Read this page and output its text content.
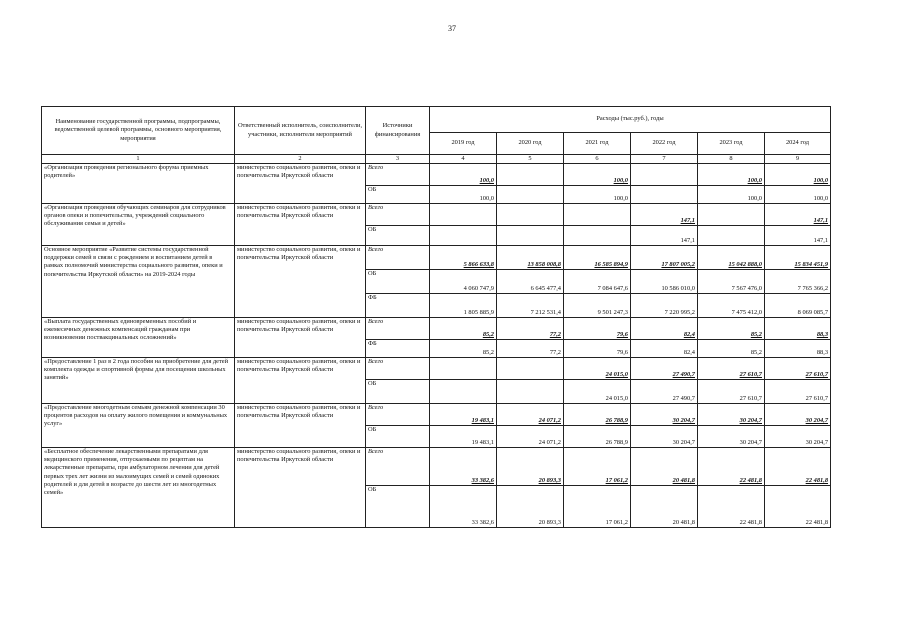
37
Наименование государственной программы, подпрограммы, ведомственной целевой программы, основного мероприятия, мероприятия	Ответственный исполнитель, соисполнители, участники, исполнители мероприятий	Источники финансирования	Расходы (тыс.руб.), годы					
			2019 год	2020 год	2021 год	2022 год	2023 год	2024 год
1	2	3	4	5	6	7	8	9
«Организация проведения регионального форума приемных родителей»	министерство социального развития, опеки и попечительства Иркутской области	Всего	100,0		100,0		100,0	100,0
		ОБ	100,0		100,0		100,0	100,0
«Организация проведения обучающих семинаров для сотрудников органов опеки и попечительства, учреждений социального обслуживания семьи и детей»	министерство социального развития, опеки и попечительства Иркутской области	Всего				147,1		147,1
		ОБ				147,1		147,1
Основное мероприятие «Развитие системы государственной поддержки семей в связи с рождением и воспитанием детей в рамках полномочий министерства социального развития, опеки и попечительства Иркутской области» на 2019-2024 годы	министерство социального развития, опеки и попечительства Иркутской области	Всего	5 866 633,8	13 858 008,8	16 585 894,9	17 807 005,2	15 042 888,0	15 834 451,9
		ОБ	4 060 747,9	6 645 477,4	7 084 647,6	10 586 010,0	7 567 476,0	7 765 366,2
		ФБ	1 805 885,9	7 212 531,4	9 501 247,3	7 220 995,2	7 475 412,0	8 069 085,7
«Выплата государственных единовременных пособий и ежемесячных денежных компенсаций гражданам при возникновении поствакцинальных осложнений»	министерство социального развития, опеки и попечительства Иркутской области	Всего	85,2	77,2	79,6	82,4	85,2	88,3
		ФБ	85,2	77,2	79,6	82,4	85,2	88,3
«Предоставление 1 раз в 2 года пособия на приобретение для детей комплекта одежды и спортивной формы для посещения школьных занятий»	министерство социального развития, опеки и попечительства Иркутской области	Всего			24 015,0	27 490,7	27 610,7	27 610,7
		ОБ			24 015,0	27 490,7	27 610,7	27 610,7
«Предоставление многодетным семьям денежной компенсации 30 процентов расходов на оплату жилого помещения и коммунальных услуг»	министерство социального развития, опеки и попечительства Иркутской области	Всего	19 483,1	24 071,2	26 788,9	30 204,7	30 204,7	30 204,7
		ОБ	19 483,1	24 071,2	26 788,9	30 204,7	30 204,7	30 204,7
«Бесплатное обеспечение лекарственными препаратами для медицинского применения, отпускаемыми по рецептам на лекарственные препараты, при амбулаторном лечении для детей первых трех лет жизни из малоимущих семей и семей одиноких родителей и для детей в возрасте до шести лет из многодетных семей»	министерство социального развития, опеки и попечительства Иркутской области	Всего	33 382,6	20 893,3	17 061,2	20 481,8	22 481,8	22 481,8
		ОБ	33 382,6	20 893,3	17 061,2	20 481,8	22 481,8	22 481,8
